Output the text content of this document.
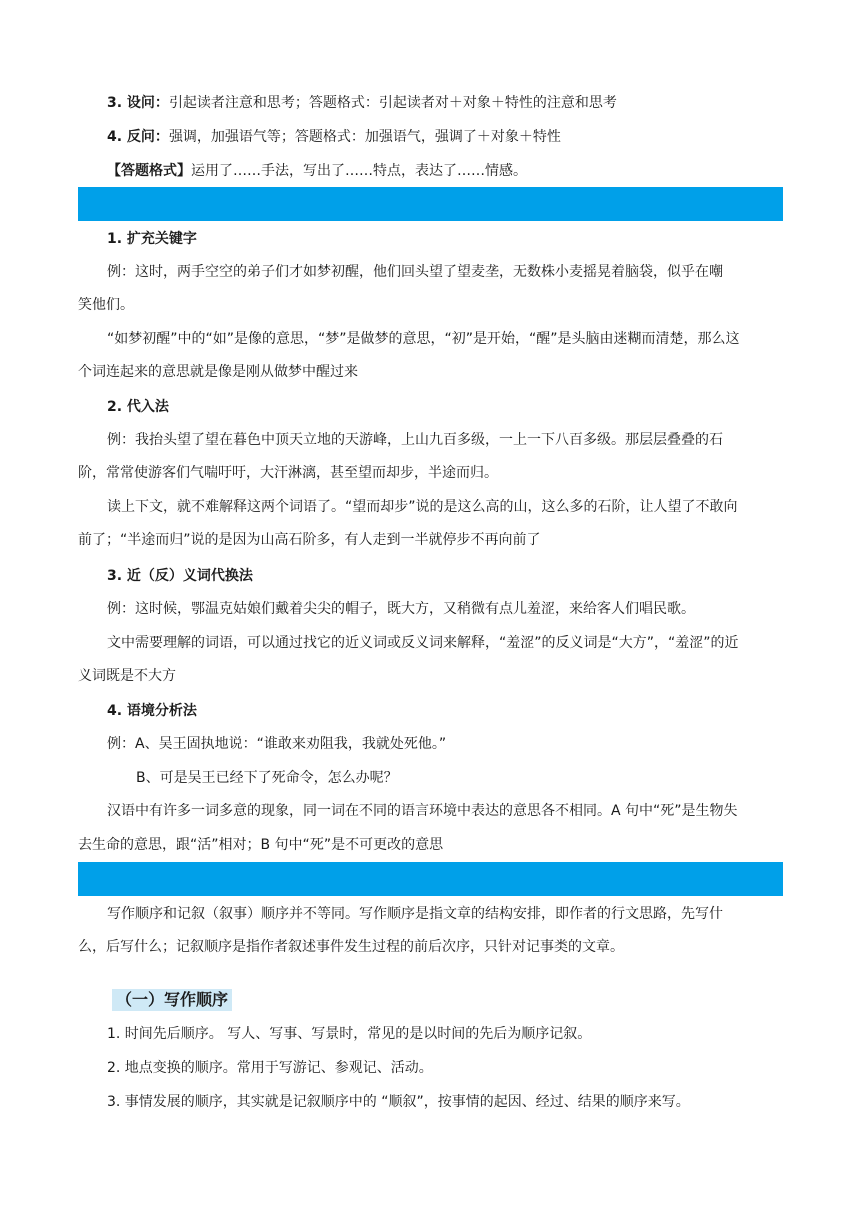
3. 设问：引起读者注意和思考；答题格式：引起读者对＋对象＋特性的注意和思考
4. 反问：强调，加强语气等；答题格式：加强语气，强调了＋对象＋特性
【答题格式】运用了……手法，写出了……特点，表达了……情感。
1. 扩充关键字
例：这时，两手空空的弟子们才如梦初醒，他们回头望了望麦垄，无数株小麦摇晃着脑袋，似乎在嘲
笑他们。
“如梦初醒”中的“如”是像的意思，“梦”是做梦的意思，“初”是开始，“醒”是头脑由迷糊而清楚，那么这
个词连起来的意思就是像是刚从做梦中醒过来
2. 代入法
例：我抬头望了望在暮色中顶天立地的天游峰，上山九百多级，一上一下八百多级。那层层叠叠的石
阶，常常使游客们气喘吁吁，大汗淋漓，甚至望而却步，半途而归。
读上下文，就不难解释这两个词语了。“望而却步”说的是这么高的山，这么多的石阶，让人望了不敢向
前了；“半途而归”说的是因为山高石阶多，有人走到一半就停步不再向前了
3. 近（反）义词代换法
例：这时候，鄂温克姑娘们戴着尖尖的帽子，既大方，又稍微有点儿羞涩，来给客人们唱民歌。
文中需要理解的词语，可以通过找它的近义词或反义词来解释，“羞涩”的反义词是“大方”，“羞涩”的近
义词既是不大方
4. 语境分析法
例：A、吴王固执地说：“谁敢来劝阻我，我就处死他。”
B、可是吴王已经下了死命令，怎么办呢？
汉语中有许多一词多意的现象，同一词在不同的语言环境中表达的意思各不相同。A 句中“死”是生物失
去生命的意思，跟“活”相对；B 句中“死”是不可更改的意思
写作顺序和记叙（叙事）顺序并不等同。写作顺序是指文章的结构安排，即作者的行文思路，先写什
么，后写什么；记叙顺序是指作者叙述事件发生过程的前后次序，只针对记事类的文章。
（一）写作顺序
1. 时间先后顺序。 写人、写事、写景时，常见的是以时间的先后为顺序记叙。
2. 地点变换的顺序。常用于写游记、参观记、活动。
3. 事情发展的顺序，其实就是记叙顺序中的 “顺叙”，按事情的起因、经过、结果的顺序来写。
